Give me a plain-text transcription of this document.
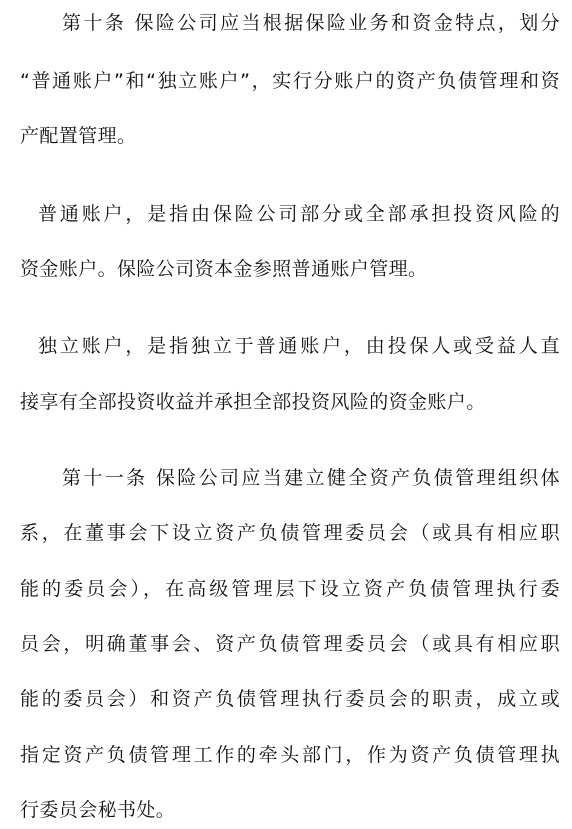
第十条 保险公司应当根据保险业务和资金特点，划分
“普通账户”和“独立账户”，实行分账户的资产负债管理和资
产配置管理。
普通账户，是指由保险公司部分或全部承担投资风险的
资金账户。保险公司资本金参照普通账户管理。
独立账户，是指独立于普通账户，由投保人或受益人直
接享有全部投资收益并承担全部投资风险的资金账户。
第十一条 保险公司应当建立健全资产负债管理组织体
系，在董事会下设立资产负债管理委员会（或具有相应职
能的委员会），在高级管理层下设立资产负债管理执行委
员会，明确董事会、资产负债管理委员会（或具有相应职
能的委员会）和资产负债管理执行委员会的职责，成立或
指定资产负债管理工作的牵头部门，作为资产负债管理执
行委员会秘书处。
